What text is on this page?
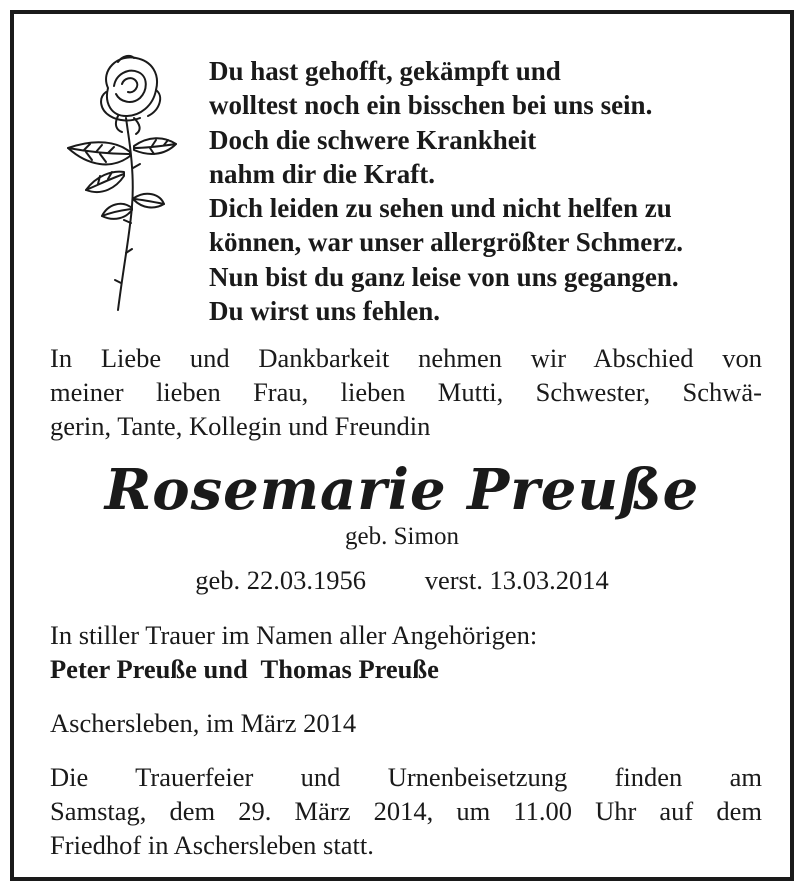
Du hast gehofft, gekämpft und
wolltest noch ein bisschen bei uns sein.
Doch die schwere Krankheit
nahm dir die Kraft.
Dich leiden zu sehen und nicht helfen zu
können, war unser allergrößter Schmerz.
Nun bist du ganz leise von uns gegangen.
Du wirst uns fehlen.
In Liebe und Dankbarkeit nehmen wir Abschied von
meiner lieben Frau, lieben Mutti, Schwester, Schwä-
gerin, Tante, Kollegin und Freundin
Rosemarie Preuße
geb. Simon
geb. 22.03.1956 verst. 13.03.2014
In stiller Trauer im Namen aller Angehörigen:
Peter Preuße und  Thomas Preuße
Aschersleben, im März 2014
Die Trauerfeier und Urnenbeisetzung finden am
Samstag, dem 29. März 2014, um 11.00 Uhr auf dem
Friedhof in Aschersleben statt.
